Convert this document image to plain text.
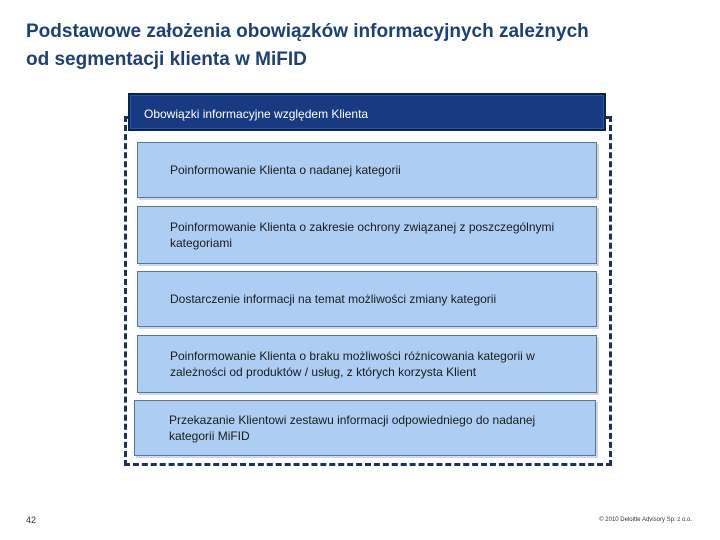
Podstawowe założenia obowiązków informacyjnych zależnych
od segmentacji klienta w MiFID
Obowiązki informacyjne względem Klienta
Poinformowanie Klienta o nadanej kategorii
Poinformowanie Klienta o zakresie ochrony związanej z poszczególnymi kategoriami
Dostarczenie informacji na temat możliwości zmiany kategorii
Poinformowanie Klienta o braku możliwości różnicowania kategorii w zależności od produktów / usług, z których korzysta Klient
Przekazanie Klientowi zestawu informacji odpowiedniego do nadanej kategorii MiFID
42	© 2010 Deloitte Advisory Sp. z o.o.
